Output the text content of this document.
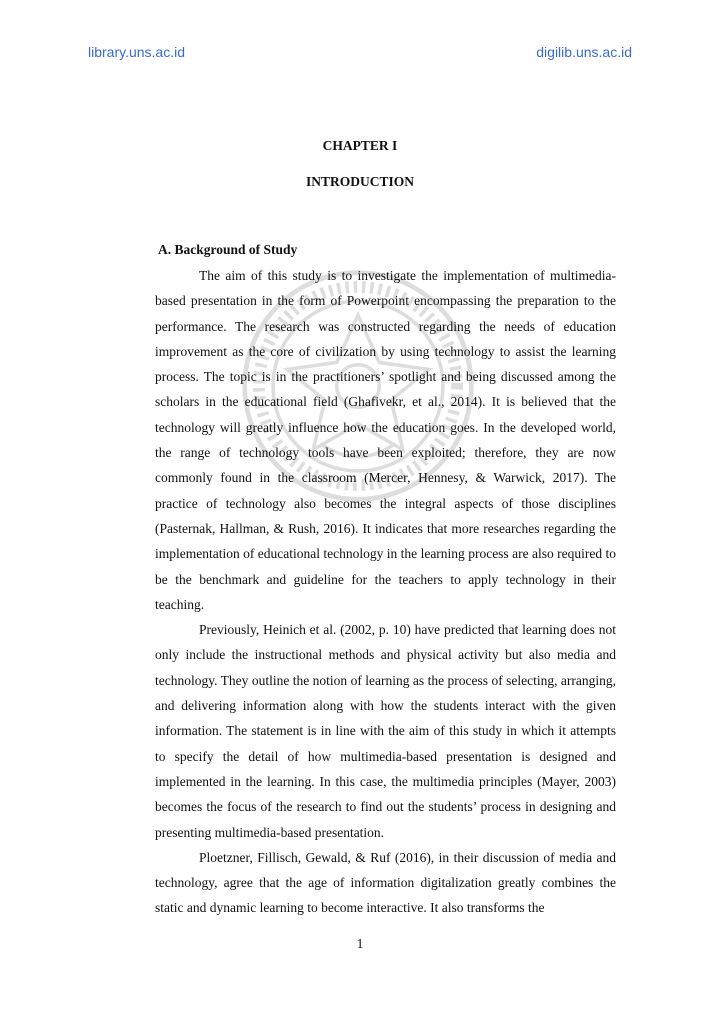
library.uns.ac.id	digilib.uns.ac.id
CHAPTER I
INTRODUCTION
A. Background of Study

The aim of this study is to investigate the implementation of multimedia-based presentation in the form of Powerpoint encompassing the preparation to the performance. The research was constructed regarding the needs of education improvement as the core of civilization by using technology to assist the learning process. The topic is in the practitioners’ spotlight and being discussed among the scholars in the educational field (Ghafivekr, et al., 2014). It is believed that the technology will greatly influence how the education goes. In the developed world, the range of technology tools have been exploited; therefore, they are now commonly found in the classroom (Mercer, Hennesy, & Warwick, 2017). The practice of technology also becomes the integral aspects of those disciplines (Pasternak, Hallman, & Rush, 2016). It indicates that more researches regarding the implementation of educational technology in the learning process are also required to be the benchmark and guideline for the teachers to apply technology in their teaching.

Previously, Heinich et al. (2002, p. 10) have predicted that learning does not only include the instructional methods and physical activity but also media and technology. They outline the notion of learning as the process of selecting, arranging, and delivering information along with how the students interact with the given information. The statement is in line with the aim of this study in which it attempts to specify the detail of how multimedia-based presentation is designed and implemented in the learning. In this case, the multimedia principles (Mayer, 2003) becomes the focus of the research to find out the students’ process in designing and presenting multimedia-based presentation.

Ploetzner, Fillisch, Gewald, & Ruf (2016), in their discussion of media and technology, agree that the age of information digitalization greatly combines the static and dynamic learning to become interactive. It also transforms the

1
